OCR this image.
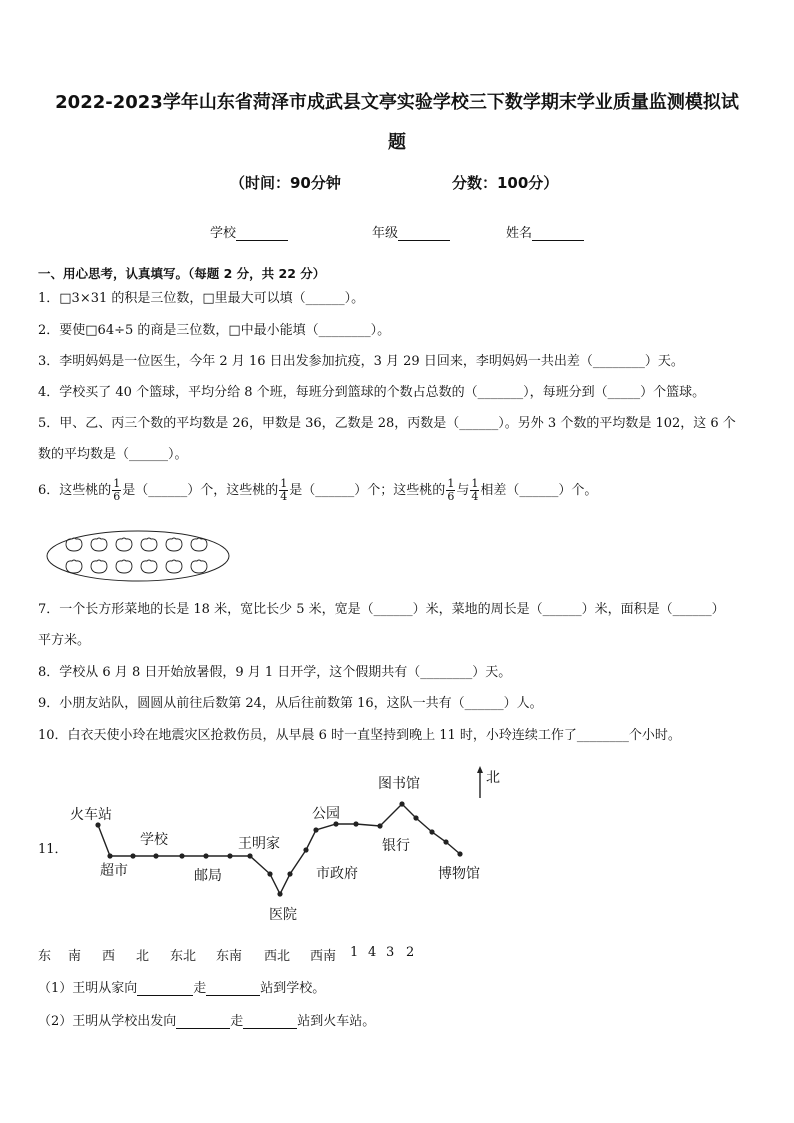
2022-2023学年山东省菏泽市成武县文亭实验学校三下数学期末学业质量监测模拟试
题
（时间：90分钟	分数：100分）
学校	年级	姓名
一、用心思考，认真填写。（每题 2 分，共 22 分）
1．□3×31 的积是三位数，□里最大可以填（______）。
2．要使□64÷5 的商是三位数，□中最小能填（________）。
3．李明妈妈是一位医生，今年 2 月 16 日出发参加抗疫，3 月 29 日回来，李明妈妈一共出差（________）天。
4．学校买了 40 个篮球，平均分给 8 个班，每班分到篮球的个数占总数的（_______），每班分到（_____）个篮球。
5．甲、乙、丙三个数的平均数是 26，甲数是 36，乙数是 28，丙数是（______）。另外 3 个数的平均数是 102，这 6 个
数的平均数是（______）。
6．这些桃的 $\frac{1}{6}$ 是（______）个，这些桃的 $\frac{1}{4}$ 是（______）个；这些桃的 $\frac{1}{6}$ 与 $\frac{1}{4}$ 相差（______）个。
7．一个长方形菜地的长是 18 米，宽比长少 5 米，宽是（______）米，菜地的周长是（______）米，面积是（______）
平方米。
8．学校从 6 月 8 日开始放暑假，9 月 1 日开学，这个假期共有（________）天。
9．小朋友站队，圆圆从前往后数第 24，从后往前数第 16，这队一共有（______）人。
10．白衣天使小玲在地震灾区抢救伤员，从早晨 6 时一直坚持到晚上 11 时，小玲连续工作了________个小时。
11．
火车站
超市
学校
邮局
王明家
医院
市政府
公园
图书馆
银行
博物馆
北
东 南 西 北 东北 东南 西北 西南 1 4 3 2
（1）王明从家向	走	站到学校。
（2）王明从学校出发向	走	站到火车站。
